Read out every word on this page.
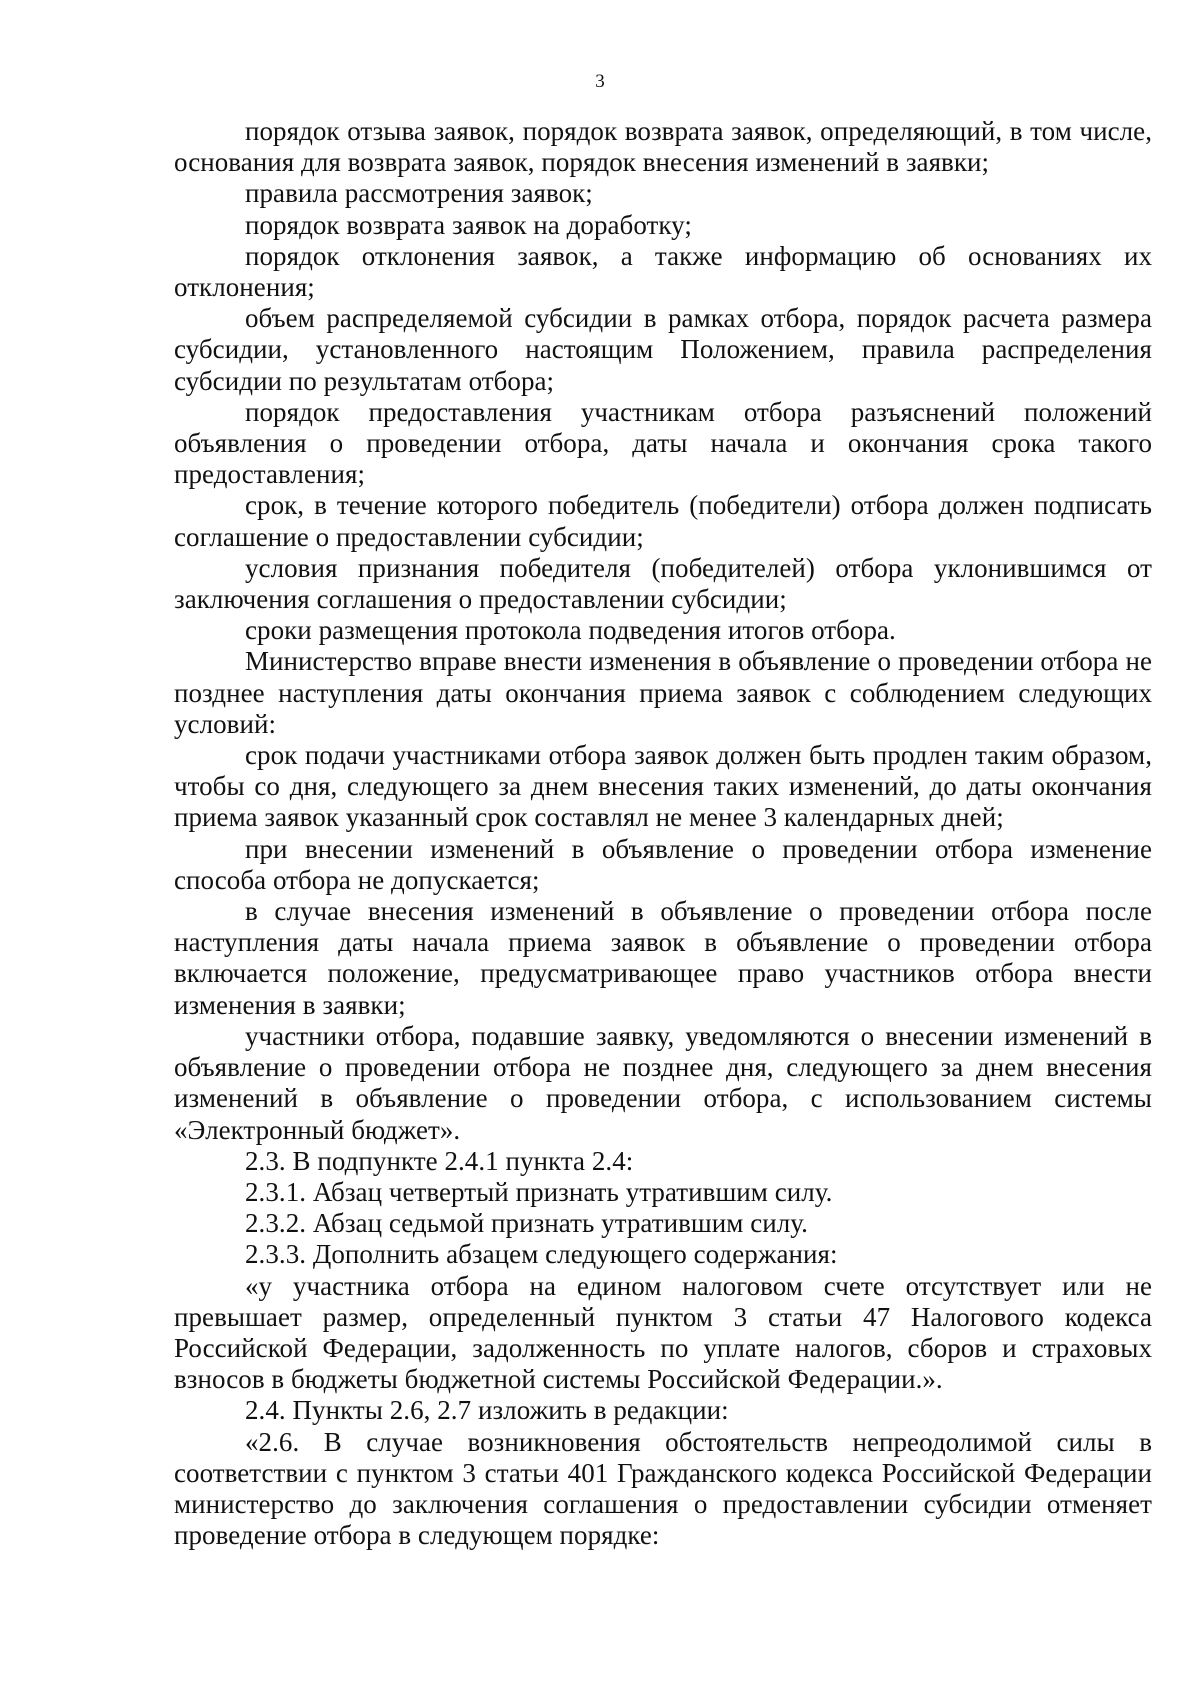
3

порядок отзыва заявок, порядок возврата заявок, определяющий, в том числе, основания для возврата заявок, порядок внесения изменений в заявки;

правила рассмотрения заявок;

порядок возврата заявок на доработку;

порядок отклонения заявок, а также информацию об основаниях их отклонения;

объем распределяемой субсидии в рамках отбора, порядок расчета размера субсидии, установленного настоящим Положением, правила распределения субсидии по результатам отбора;

порядок предоставления участникам отбора разъяснений положений объявления о проведении отбора, даты начала и окончания срока такого предоставления;

срок, в течение которого победитель (победители) отбора должен подписать соглашение о предоставлении субсидии;

условия признания победителя (победителей) отбора уклонившимся от заключения соглашения о предоставлении субсидии;

сроки размещения протокола подведения итогов отбора.

Министерство вправе внести изменения в объявление о проведении отбора не позднее наступления даты окончания приема заявок с соблюдением следующих условий:

срок подачи участниками отбора заявок должен быть продлен таким образом, чтобы со дня, следующего за днем внесения таких изменений, до даты окончания приема заявок указанный срок составлял не менее 3 календарных дней;

при внесении изменений в объявление о проведении отбора изменение способа отбора не допускается;

в случае внесения изменений в объявление о проведении отбора после наступления даты начала приема заявок в объявление о проведении отбора включается положение, предусматривающее право участников отбора внести изменения в заявки;

участники отбора, подавшие заявку, уведомляются о внесении изменений в объявление о проведении отбора не позднее дня, следующего за днем внесения изменений в объявление о проведении отбора, с использованием системы «Электронный бюджет».

2.3. В подпункте 2.4.1 пункта 2.4:

2.3.1. Абзац четвертый признать утратившим силу.

2.3.2. Абзац седьмой признать утратившим силу.

2.3.3. Дополнить абзацем следующего содержания:

«у участника отбора на едином налоговом счете отсутствует или не превышает размер, определенный пунктом 3 статьи 47 Налогового кодекса Российской Федерации, задолженность по уплате налогов, сборов и страховых взносов в бюджеты бюджетной системы Российской Федерации.».

2.4. Пункты 2.6, 2.7 изложить в редакции:

«2.6. В случае возникновения обстоятельств непреодолимой силы в соответствии с пунктом 3 статьи 401 Гражданского кодекса Российской Федерации министерство до заключения соглашения о предоставлении субсидии отменяет проведение отбора в следующем порядке:
